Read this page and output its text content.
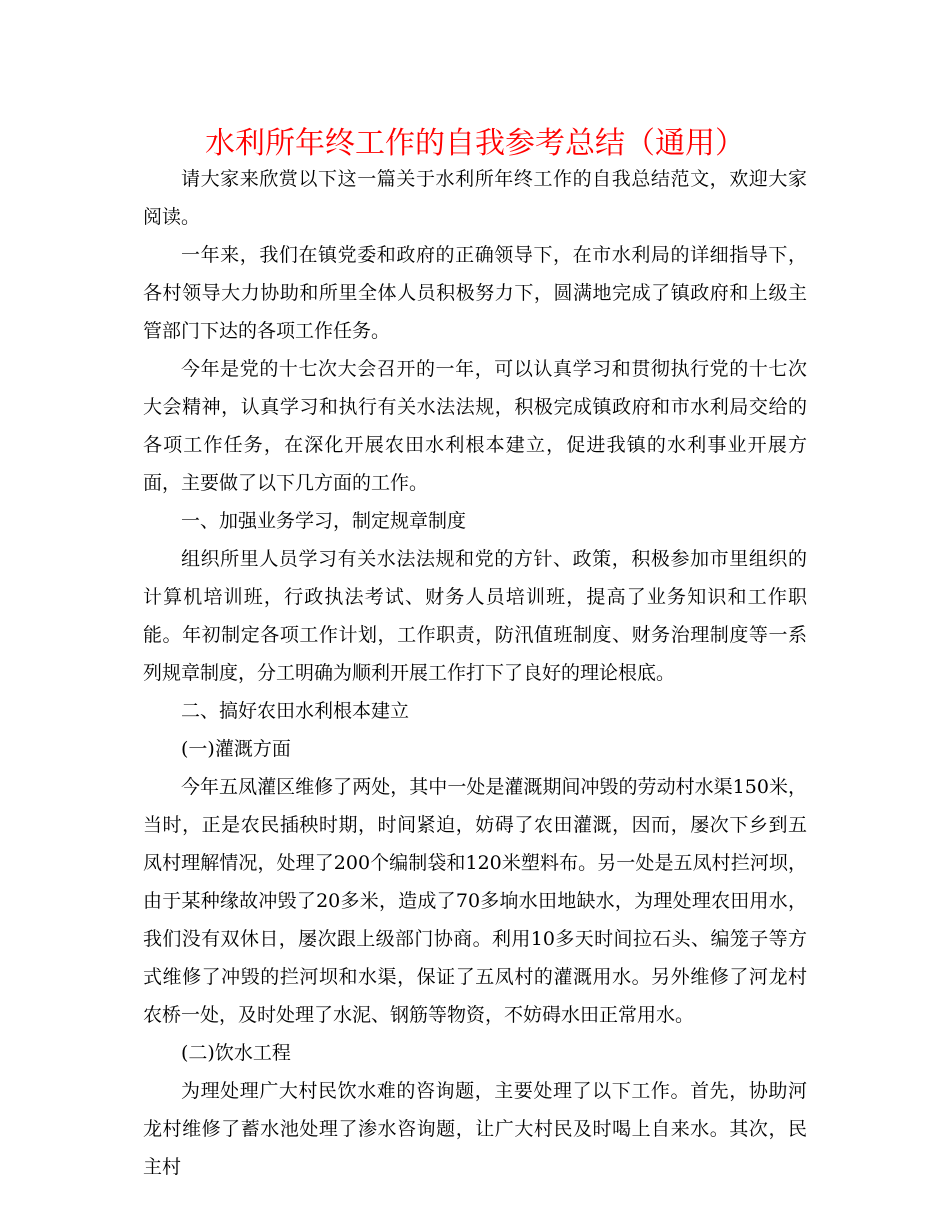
水利所年终工作的自我参考总结（通用）

请大家来欣赏以下这一篇关于水利所年终工作的自我总结范文，欢迎大家阅读。

一年来，我们在镇党委和政府的正确领导下，在市水利局的详细指导下，各村领导大力协助和所里全体人员积极努力下，圆满地完成了镇政府和上级主管部门下达的各项工作任务。

今年是党的十七次大会召开的一年，可以认真学习和贯彻执行党的十七次大会精神，认真学习和执行有关水法法规，积极完成镇政府和市水利局交给的各项工作任务，在深化开展农田水利根本建立，促进我镇的水利事业开展方面，主要做了以下几方面的工作。

一、加强业务学习，制定规章制度

组织所里人员学习有关水法法规和党的方针、政策，积极参加市里组织的计算机培训班，行政执法考试、财务人员培训班，提高了业务知识和工作职能。年初制定各项工作计划，工作职责，防汛值班制度、财务治理制度等一系列规章制度，分工明确为顺利开展工作打下了良好的理论根底。

二、搞好农田水利根本建立

(一)灌溉方面

今年五凤灌区维修了两处，其中一处是灌溉期间冲毁的劳动村水渠150米，当时，正是农民插秧时期，时间紧迫，妨碍了农田灌溉，因而，屡次下乡到五凤村理解情况，处理了200个编制袋和120米塑料布。另一处是五凤村拦河坝，由于某种缘故冲毁了20多米，造成了70多垧水田地缺水，为理处理农田用水，我们没有双休日，屡次跟上级部门协商。利用10多天时间拉石头、编笼子等方式维修了冲毁的拦河坝和水渠，保证了五凤村的灌溉用水。另外维修了河龙村农桥一处，及时处理了水泥、钢筋等物资，不妨碍水田正常用水。

(二)饮水工程

为理处理广大村民饮水难的咨询题，主要处理了以下工作。首先，协助河龙村维修了蓄水池处理了渗水咨询题，让广大村民及时喝上自来水。其次，民主村
